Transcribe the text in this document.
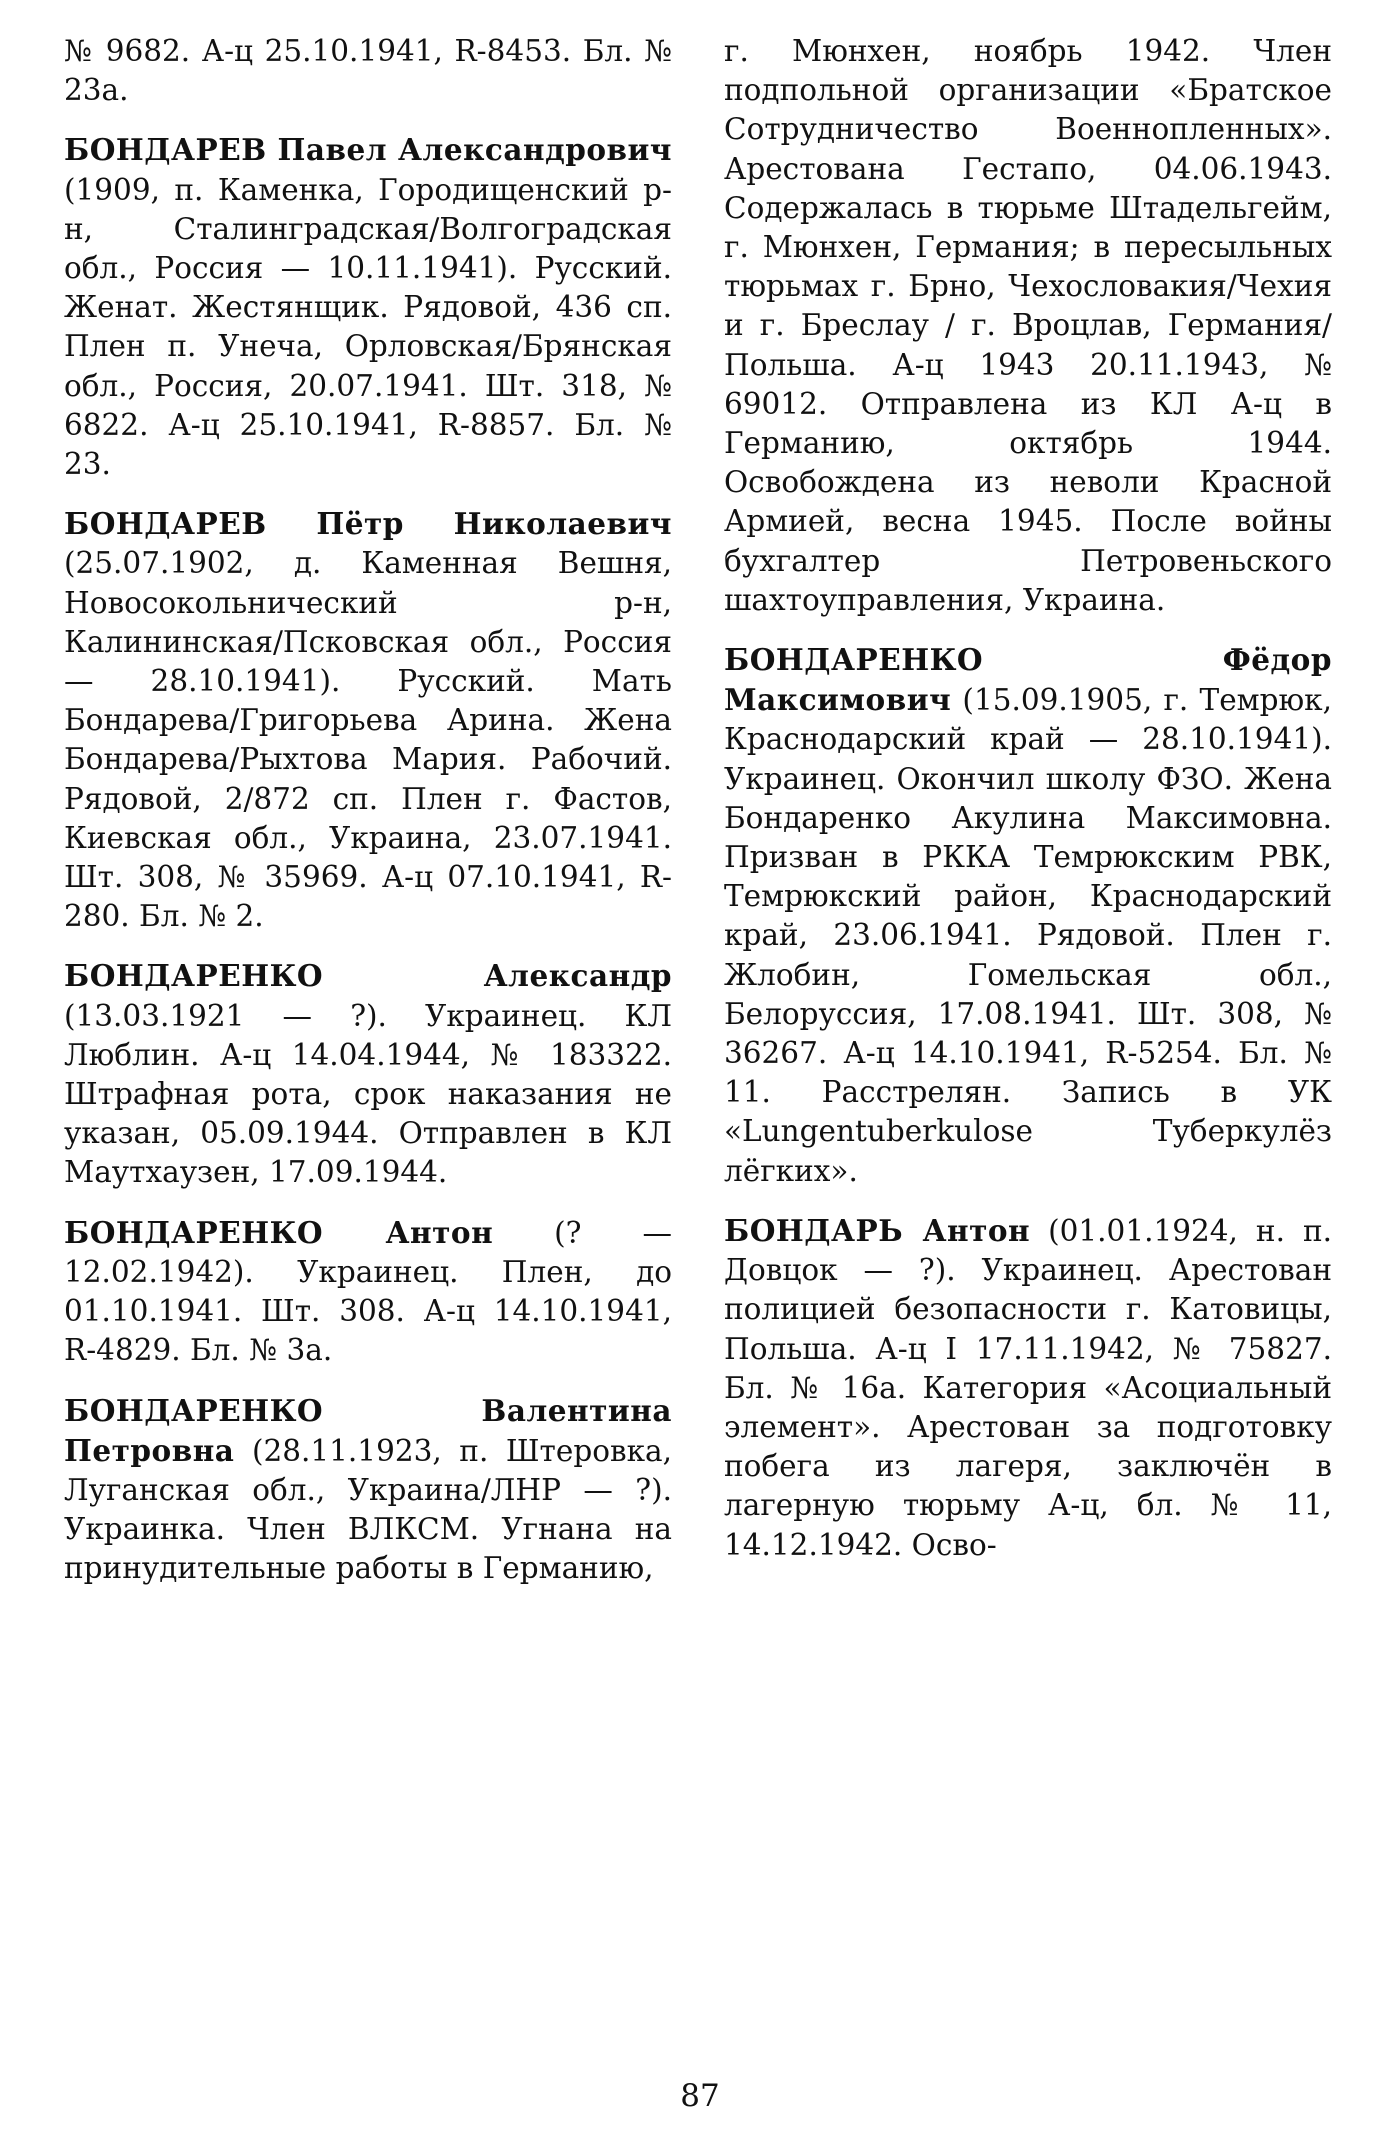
№ 9682. А-ц 25.10.1941, R-8453. Бл. № 23а.

БОНДАРЕВ Павел Александрович (1909, п. Каменка, Городищенский р-н, Сталинградская/Волгоградская обл., Россия — 10.11.1941). Русский. Женат. Жестянщик. Рядовой, 436 сп. Плен п. Унеча, Орловская/Брянская обл., Россия, 20.07.1941. Шт. 318, № 6822. А-ц 25.10.1941, R-8857. Бл. № 23.

БОНДАРЕВ Пётр Николаевич (25.07.1902, д. Каменная Вешня, Новосокольнический р-н, Калининская/Псковская обл., Россия — 28.10.1941). Русский. Мать Бондарева/Григорьева Арина. Жена Бондарева/Рыхтова Мария. Рабочий. Рядовой, 2/872 сп. Плен г. Фастов, Киевская обл., Украина, 23.07.1941. Шт. 308, № 35969. А-ц 07.10.1941, R-280. Бл. № 2.

БОНДАРЕНКО Александр (13.03.1921 — ?). Украинец. КЛ Люблин. А-ц 14.04.1944, № 183322. Штрафная рота, срок наказания не указан, 05.09.1944. Отправлен в КЛ Маутхаузен, 17.09.1944.

БОНДАРЕНКО Антон (? — 12.02.1942). Украинец. Плен, до 01.10.1941. Шт. 308. А-ц 14.10.1941, R-4829. Бл. № 3а.

БОНДАРЕНКО Валентина Петровна (28.11.1923, п. Штеровка, Луганская обл., Украина/ЛНР — ?). Украинка. Член ВЛКСМ. Угнана на принудительные работы в Германию,

г. Мюнхен, ноябрь 1942. Член подпольной организации «Братское Сотрудничество Военнопленных». Арестована Гестапо, 04.06.1943. Содержалась в тюрьме Штадельгейм, г. Мюнхен, Германия; в пересыльных тюрьмах г. Брно, Чехословакия/Чехия и г. Бреслау / г. Вроцлав, Германия/ Польша. А-ц 1943 20.11.1943, № 69012. Отправлена из КЛ А-ц в Германию, октябрь 1944. Освобождена из неволи Красной Армией, весна 1945. После войны бухгалтер Петровеньского шахтоуправления, Украина.

БОНДАРЕНКО Фёдор Максимович (15.09.1905, г. Темрюк, Краснодарский край — 28.10.1941). Украинец. Окончил школу ФЗО. Жена Бондаренко Акулина Максимовна. Призван в РККА Темрюкским РВК, Темрюкский район, Краснодарский край, 23.06.1941. Рядовой. Плен г. Жлобин, Гомельская обл., Белоруссия, 17.08.1941. Шт. 308, № 36267. А-ц 14.10.1941, R-5254. Бл. № 11. Расстрелян. Запись в УК «Lungentuberkulose Туберкулёз лёгких».

БОНДАРЬ Антон (01.01.1924, н. п. Довцок — ?). Украинец. Арестован полицией безопасности г. Катовицы, Польша. А-ц I 17.11.1942, № 75827. Бл. № 16а. Категория «Асоциальный элемент». Арестован за подготовку побега из лагеря, заключён в лагерную тюрьму А-ц, бл. № 11, 14.12.1942. Осво-

87
